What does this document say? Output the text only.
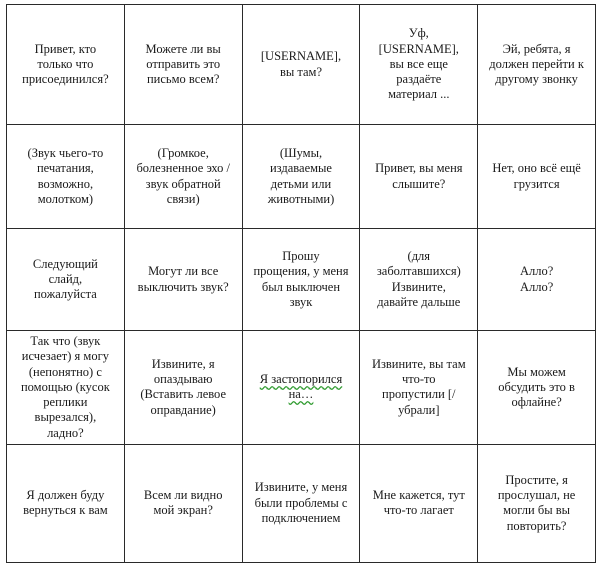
Привет, кто только что присоединился?	Можете ли вы отправить это письмо всем?	[USERNAME], вы там?	Уф, [USERNAME], вы все еще раздаёте материал ...	Эй, ребята, я должен перейти к другому звонку
(Звук чьего-то печатания, возможно, молотком)	(Громкое, болезненное эхо / звук обратной связи)	(Шумы, издаваемые детьми или животными)	Привет, вы меня слышите?	Нет, оно всё ещё грузится
Следующий слайд, пожалуйста	Могут ли все выключить звук?	Прошу прощения, у меня был выключен звук	(для заболтавшихся) Извините, давайте дальше	Алло? Алло?
Так что (звук исчезает) я могу (непонятно) с помощью (кусок реплики вырезался), ладно?	Извините, я опаздываю (Вставить левое оправдание)	Я застопорился на…	Извините, вы там что-то пропустили [/убрали]	Мы можем обсудить это в офлайне?
Я должен буду вернуться к вам	Всем ли видно мой экран?	Извините, у меня были проблемы с подключением	Мне кажется, тут что-то лагает	Простите, я прослушал, не могли бы вы повторить?
